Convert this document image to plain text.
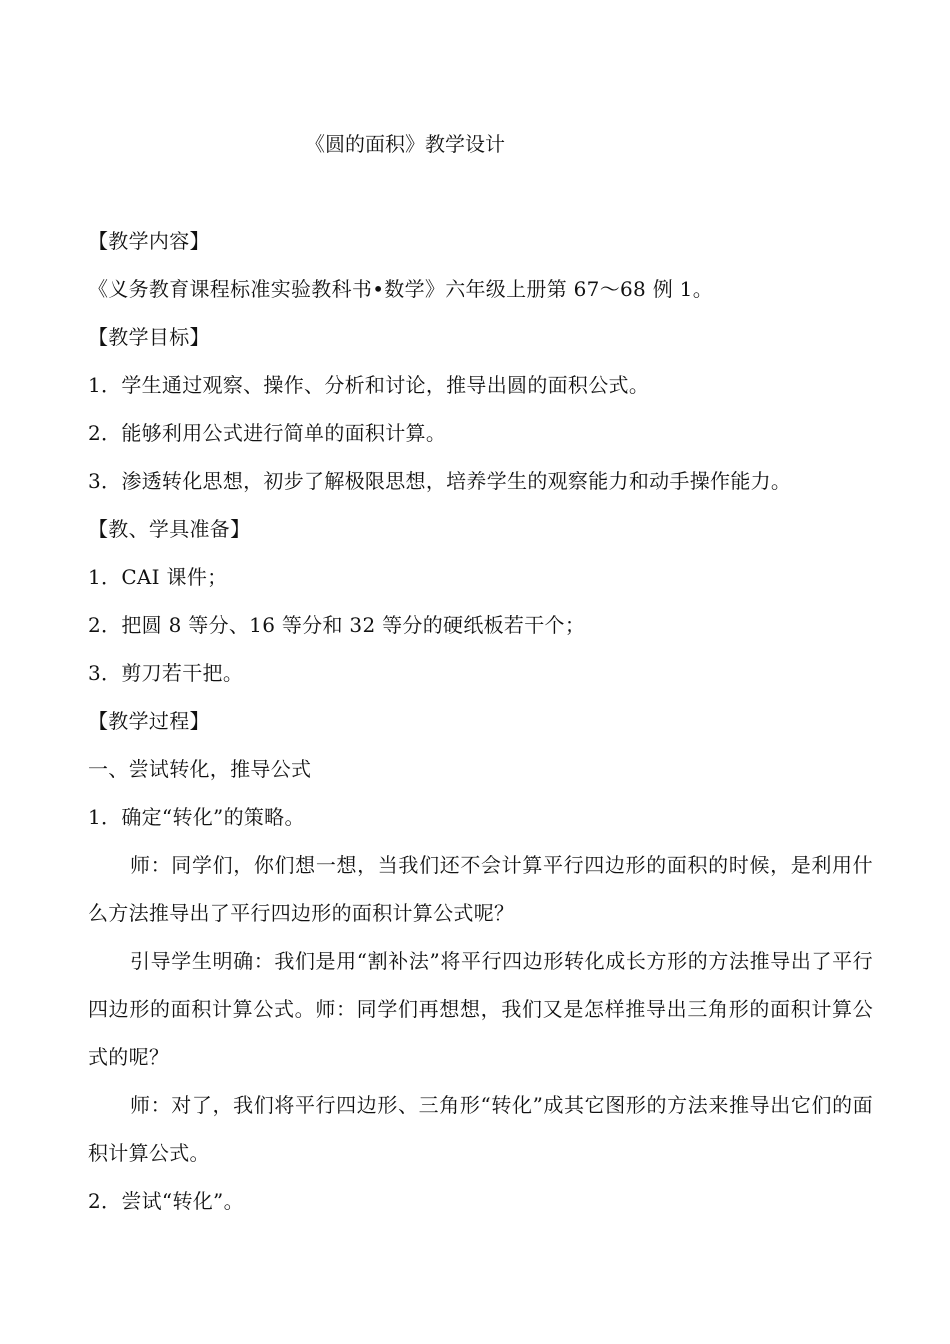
《圆的面积》教学设计
【教学内容】
《义务教育课程标准实验教科书•数学》六年级上册第 67～68 例 1。
【教学目标】
1．学生通过观察、操作、分析和讨论，推导出圆的面积公式。
2．能够利用公式进行简单的面积计算。
3．渗透转化思想，初步了解极限思想，培养学生的观察能力和动手操作能力。
【教、学具准备】
1．CAI 课件；
2．把圆 8 等分、16 等分和 32 等分的硬纸板若干个；
3．剪刀若干把。
【教学过程】
一、尝试转化，推导公式
1．确定“转化”的策略。
师：同学们，你们想一想，当我们还不会计算平行四边形的面积的时候，是利用什么方法推导出了平行四边形的面积计算公式呢？
引导学生明确：我们是用“割补法”将平行四边形转化成长方形的方法推导出了平行四边形的面积计算公式。师：同学们再想想，我们又是怎样推导出三角形的面积计算公式的呢？
师：对了，我们将平行四边形、三角形“转化”成其它图形的方法来推导出它们的面积计算公式。
2．尝试“转化”。
